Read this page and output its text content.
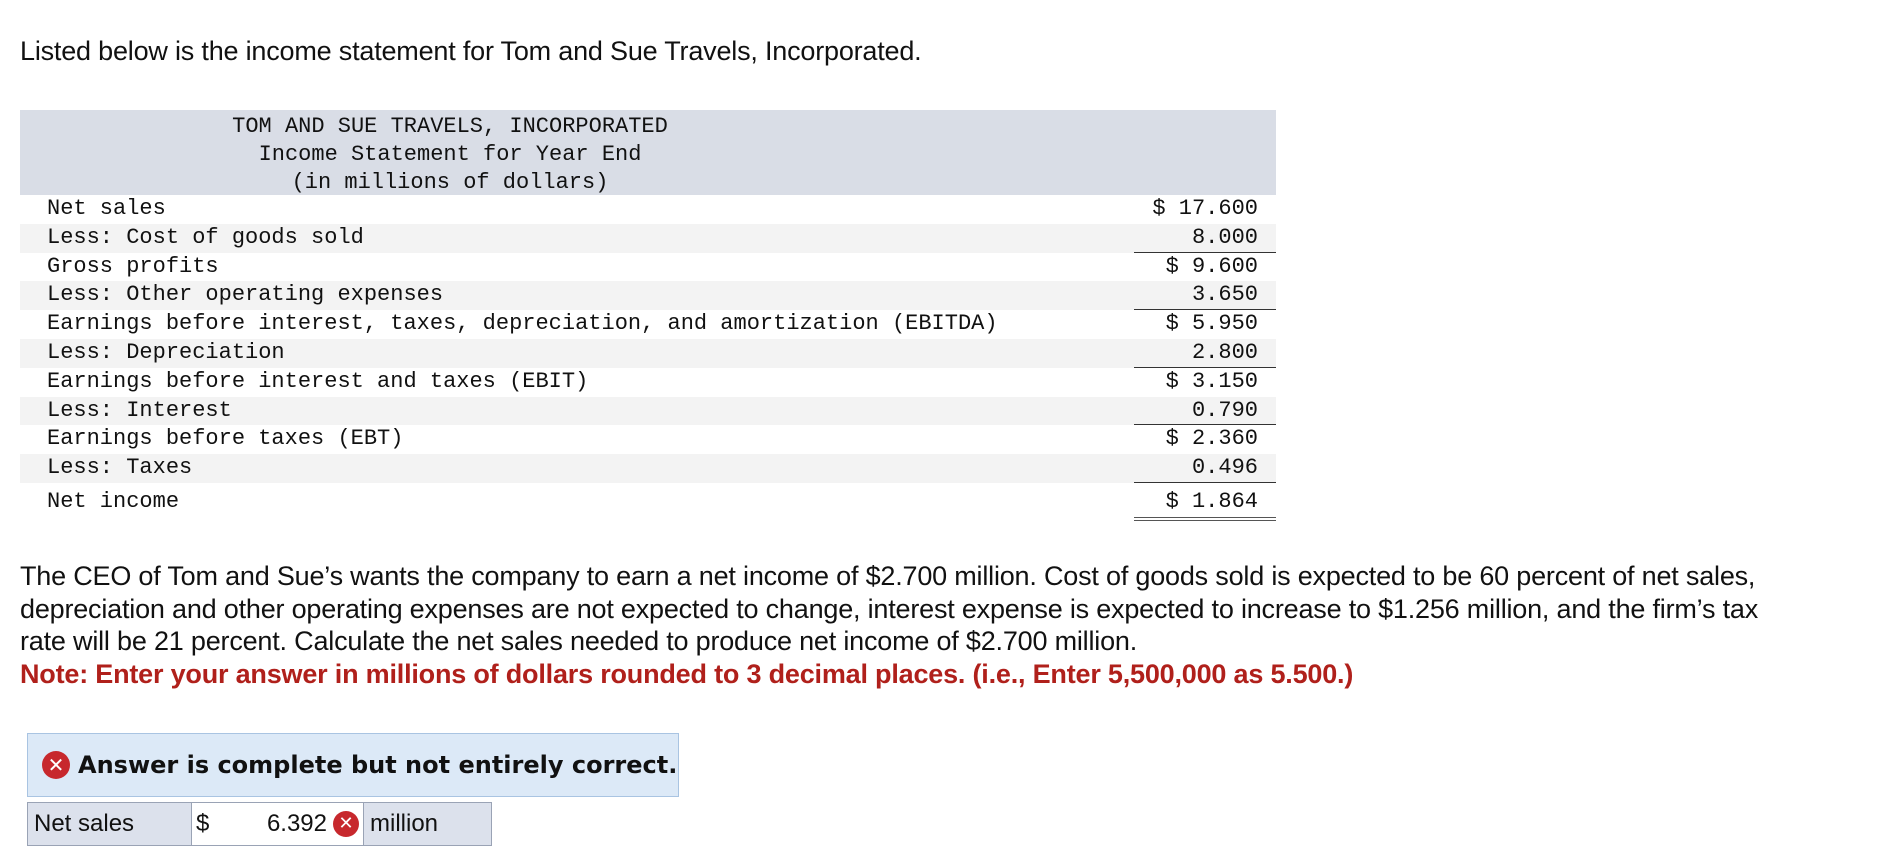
Listed below is the income statement for Tom and Sue Travels, Incorporated.
TOM AND SUE TRAVELS, INCORPORATED
Income Statement for Year End
(in millions of dollars)
Net sales	$ 17.600
Less: Cost of goods sold	8.000
Gross profits	$ 9.600
Less: Other operating expenses	3.650
Earnings before interest, taxes, depreciation, and amortization (EBITDA)	$ 5.950
Less: Depreciation	2.800
Earnings before interest and taxes (EBIT)	$ 3.150
Less: Interest	0.790
Earnings before taxes (EBT)	$ 2.360
Less: Taxes	0.496
Net income	$ 1.864
The CEO of Tom and Sue’s wants the company to earn a net income of $2.700 million. Cost of goods sold is expected to be 60 percent of net sales, depreciation and other operating expenses are not expected to change, interest expense is expected to increase to $1.256 million, and the firm’s tax rate will be 21 percent. Calculate the net sales needed to produce net income of $2.700 million.
Note: Enter your answer in millions of dollars rounded to 3 decimal places. (i.e., Enter 5,500,000 as 5.500.)
✕ Answer is complete but not entirely correct.
Net sales	$	6.392 ✕ million
